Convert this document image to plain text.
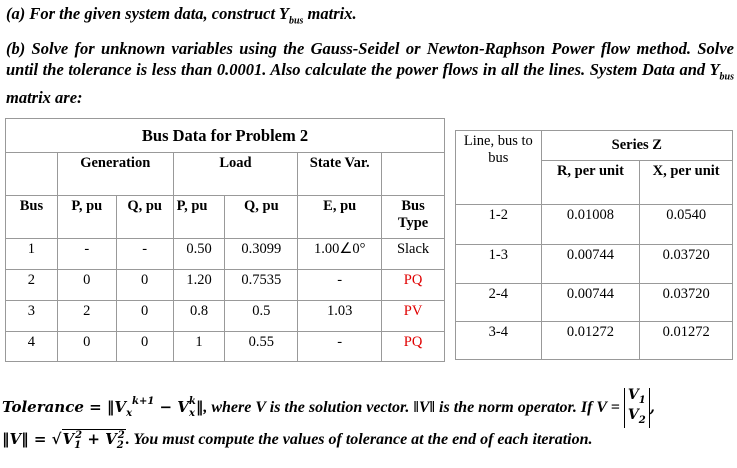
(a) For the given system data, construct $Y_{bus}$ matrix.
(b) Solve for unknown variables using the Gauss-Seidel or Newton-Raphson Power flow method. Solve until the tolerance is less than 0.0001. Also calculate the power flows in all the lines. System Data and $Y_{bus}$ matrix are:
Bus Data for Problem 2						
	Generation		Load		State Var.	
Bus	P, pu	Q, pu	P, pu	Q, pu	E, pu	Bus Type
1	-	-	0.50	0.3099	1.00∠0°	Slack
2	0	0	1.20	0.7535	-	PQ
3	2	0	0.8	0.5	1.03	PV
4	0	0	1	0.55	-	PQ
Line, bus to bus	Series Z	
	R, per unit	X, per unit
1-2	0.01008	0.0540
1-3	0.00744	0.03720
2-4	0.00744	0.03720
3-4	0.01272	0.01272
Tolerance = $‖V_x^{k+1}$ − $V_x^k‖$, where V is the solution vector. ‖V‖ is the norm operator. If V =
$V_1$
$V_2$
,
‖V‖ = $√V_1^2 + V_2^2$. You must compute the values of tolerance at the end of each iteration.
